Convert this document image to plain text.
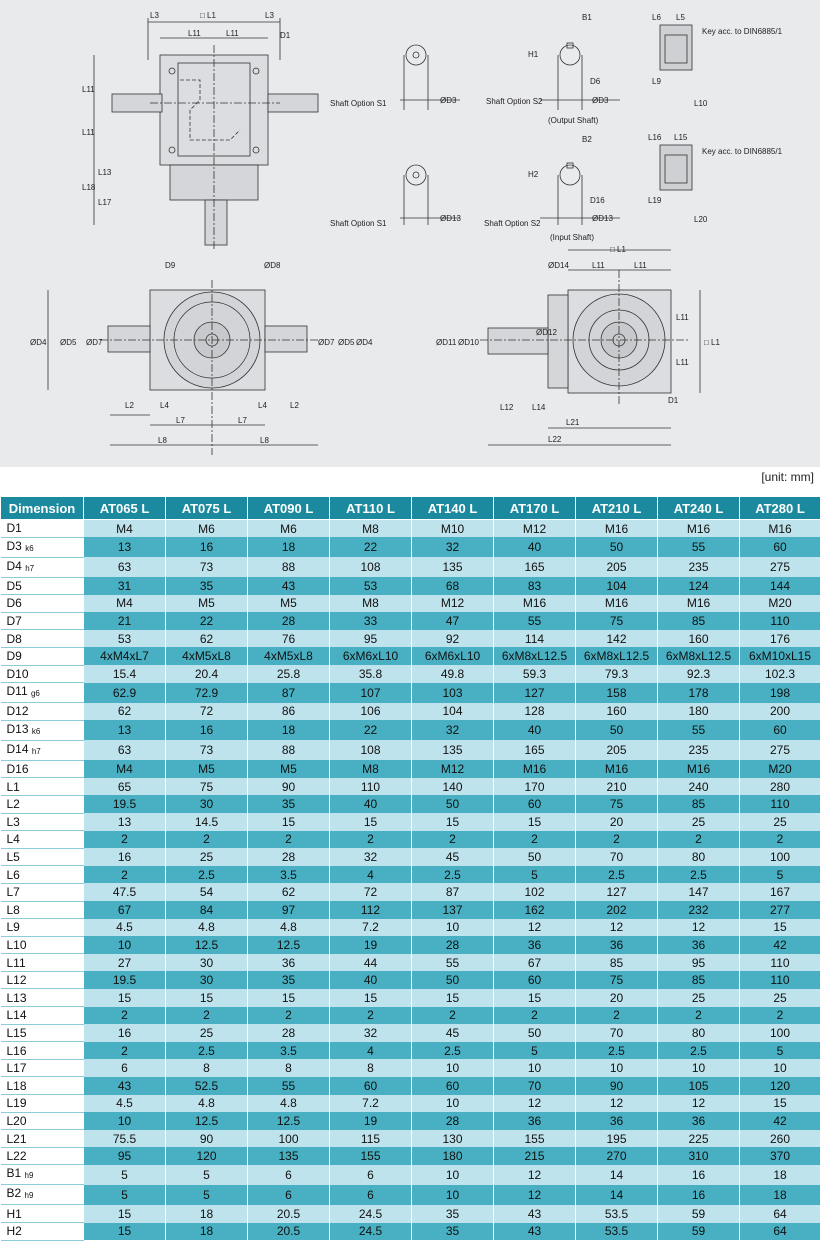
L3	□ L1	L3
L11	L11	D1
L11
L11
L13
L18
L17
Shaft Option S1	ØD3	Shaft Option S2	ØD3
(Output Shaft)
B1
H1
D6
L6 L5
Key acc. to DIN6885/1
L9
L10
Shaft Option S1
ØD13
Shaft Option S2
ØD13
(Input Shaft)
B2
H2
D16
L16 L15
Key acc. to DIN6885/1
L19
L20
D9	ØD8
ØD4 ØD5 ØD7	ØD7 ØD5 ØD4
L2	L4	L4	L2
L7	L7
L8	L8
□ L1
L11	L11
ØD14
ØD11 ØD10
ØD12
L11
L11
□ L1
D1
L12 L14
L21
L22
[unit: mm]
Dimension	AT065 L	AT075 L	AT090 L	AT110 L	AT140 L	AT170 L	AT210 L	AT240 L	AT280 L
D1	M4	M6	M6	M8	M10	M12	M16	M16	M16
D3 $_{k6}$	13	16	18	22	32	40	50	55	60
D4 $_{h7}$	63	73	88	108	135	165	205	235	275
D5	31	35	43	53	68	83	104	124	144
D6	M4	M5	M5	M8	M12	M16	M16	M16	M20
D7	21	22	28	33	47	55	75	85	110
D8	53	62	76	95	92	114	142	160	176
D9	4xM4xL7	4xM5xL8	4xM5xL8	6xM6xL10	6xM6xL10	6xM8xL12.5	6xM8xL12.5	6xM8xL12.5	6xM10xL15
D10	15.4	20.4	25.8	35.8	49.8	59.3	79.3	92.3	102.3
D11 $_{g6}$	62.9	72.9	87	107	103	127	158	178	198
D12	62	72	86	106	104	128	160	180	200
D13 $_{k6}$	13	16	18	22	32	40	50	55	60
D14 $_{h7}$	63	73	88	108	135	165	205	235	275
D16	M4	M5	M5	M8	M12	M16	M16	M16	M20
L1	65	75	90	110	140	170	210	240	280
L2	19.5	30	35	40	50	60	75	85	110
L3	13	14.5	15	15	15	15	20	25	25
L4	2	2	2	2	2	2	2	2	2
L5	16	25	28	32	45	50	70	80	100
L6	2	2.5	3.5	4	2.5	5	2.5	2.5	5
L7	47.5	54	62	72	87	102	127	147	167
L8	67	84	97	112	137	162	202	232	277
L9	4.5	4.8	4.8	7.2	10	12	12	12	15
L10	10	12.5	12.5	19	28	36	36	36	42
L11	27	30	36	44	55	67	85	95	110
L12	19.5	30	35	40	50	60	75	85	110
L13	15	15	15	15	15	15	20	25	25
L14	2	2	2	2	2	2	2	2	2
L15	16	25	28	32	45	50	70	80	100
L16	2	2.5	3.5	4	2.5	5	2.5	2.5	5
L17	6	8	8	8	10	10	10	10	10
L18	43	52.5	55	60	60	70	90	105	120
L19	4.5	4.8	4.8	7.2	10	12	12	12	15
L20	10	12.5	12.5	19	28	36	36	36	42
L21	75.5	90	100	115	130	155	195	225	260
L22	95	120	135	155	180	215	270	310	370
B1 $_{h9}$	5	5	6	6	10	12	14	16	18
B2 $_{h9}$	5	5	6	6	10	12	14	16	18
H1	15	18	20.5	24.5	35	43	53.5	59	64
H2	15	18	20.5	24.5	35	43	53.5	59	64
